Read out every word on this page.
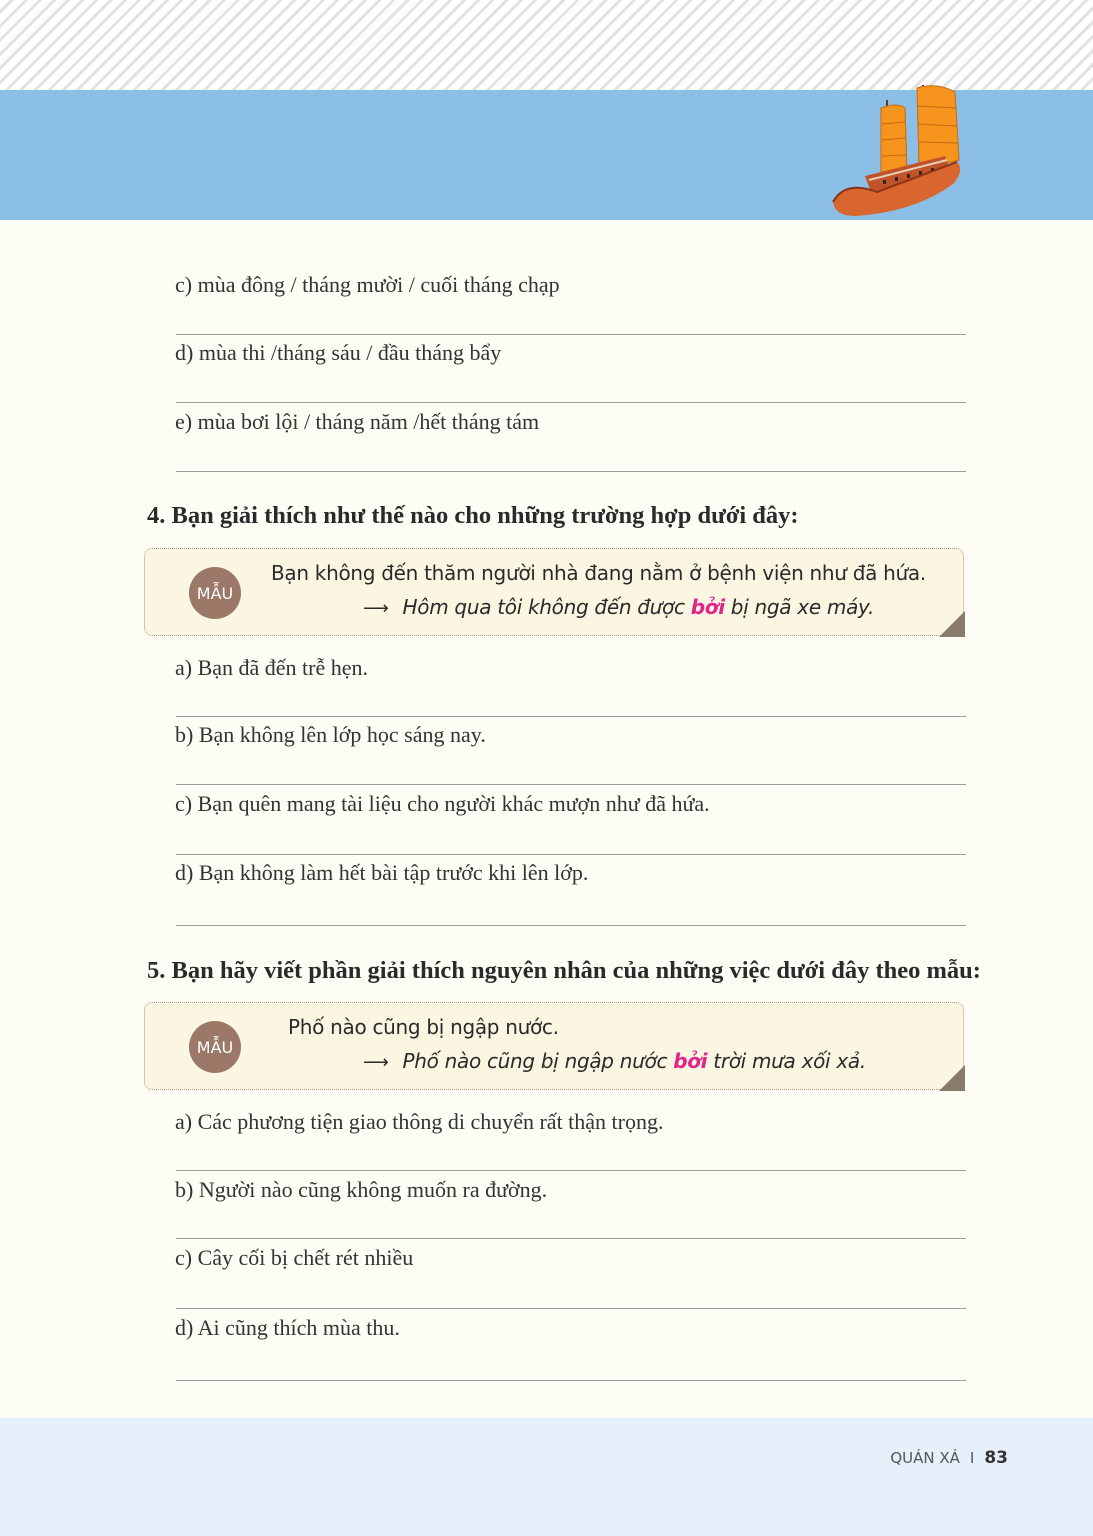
c) mùa đông / tháng mười / cuối tháng chạp
d) mùa thi /tháng sáu / đầu tháng bẩy
e) mùa bơi lội / tháng năm /hết tháng tám
4. Bạn giải thích như thế nào cho những trường hợp dưới đây:
MẪU
Bạn không đến thăm người nhà đang nằm ở bệnh viện như đã hứa.
⟶ Hôm qua tôi không đến được bởi bị ngã xe máy.
a) Bạn đã đến trễ hẹn.
b) Bạn không lên lớp học sáng nay.
c) Bạn quên mang tài liệu cho người khác mượn như đã hứa.
d) Bạn không làm hết bài tập trước khi lên lớp.
5. Bạn hãy viết phần giải thích nguyên nhân của những việc dưới đây theo mẫu:
MẪU
Phố nào cũng bị ngập nước.
⟶ Phố nào cũng bị ngập nước bởi trời mưa xối xả.
a) Các phương tiện giao thông di chuyển rất thận trọng.
b) Người nào cũng không muốn ra đường.
c) Cây cối bị chết rét nhiều
d) Ai cũng thích mùa thu.
QUÁN XÁ I 83
